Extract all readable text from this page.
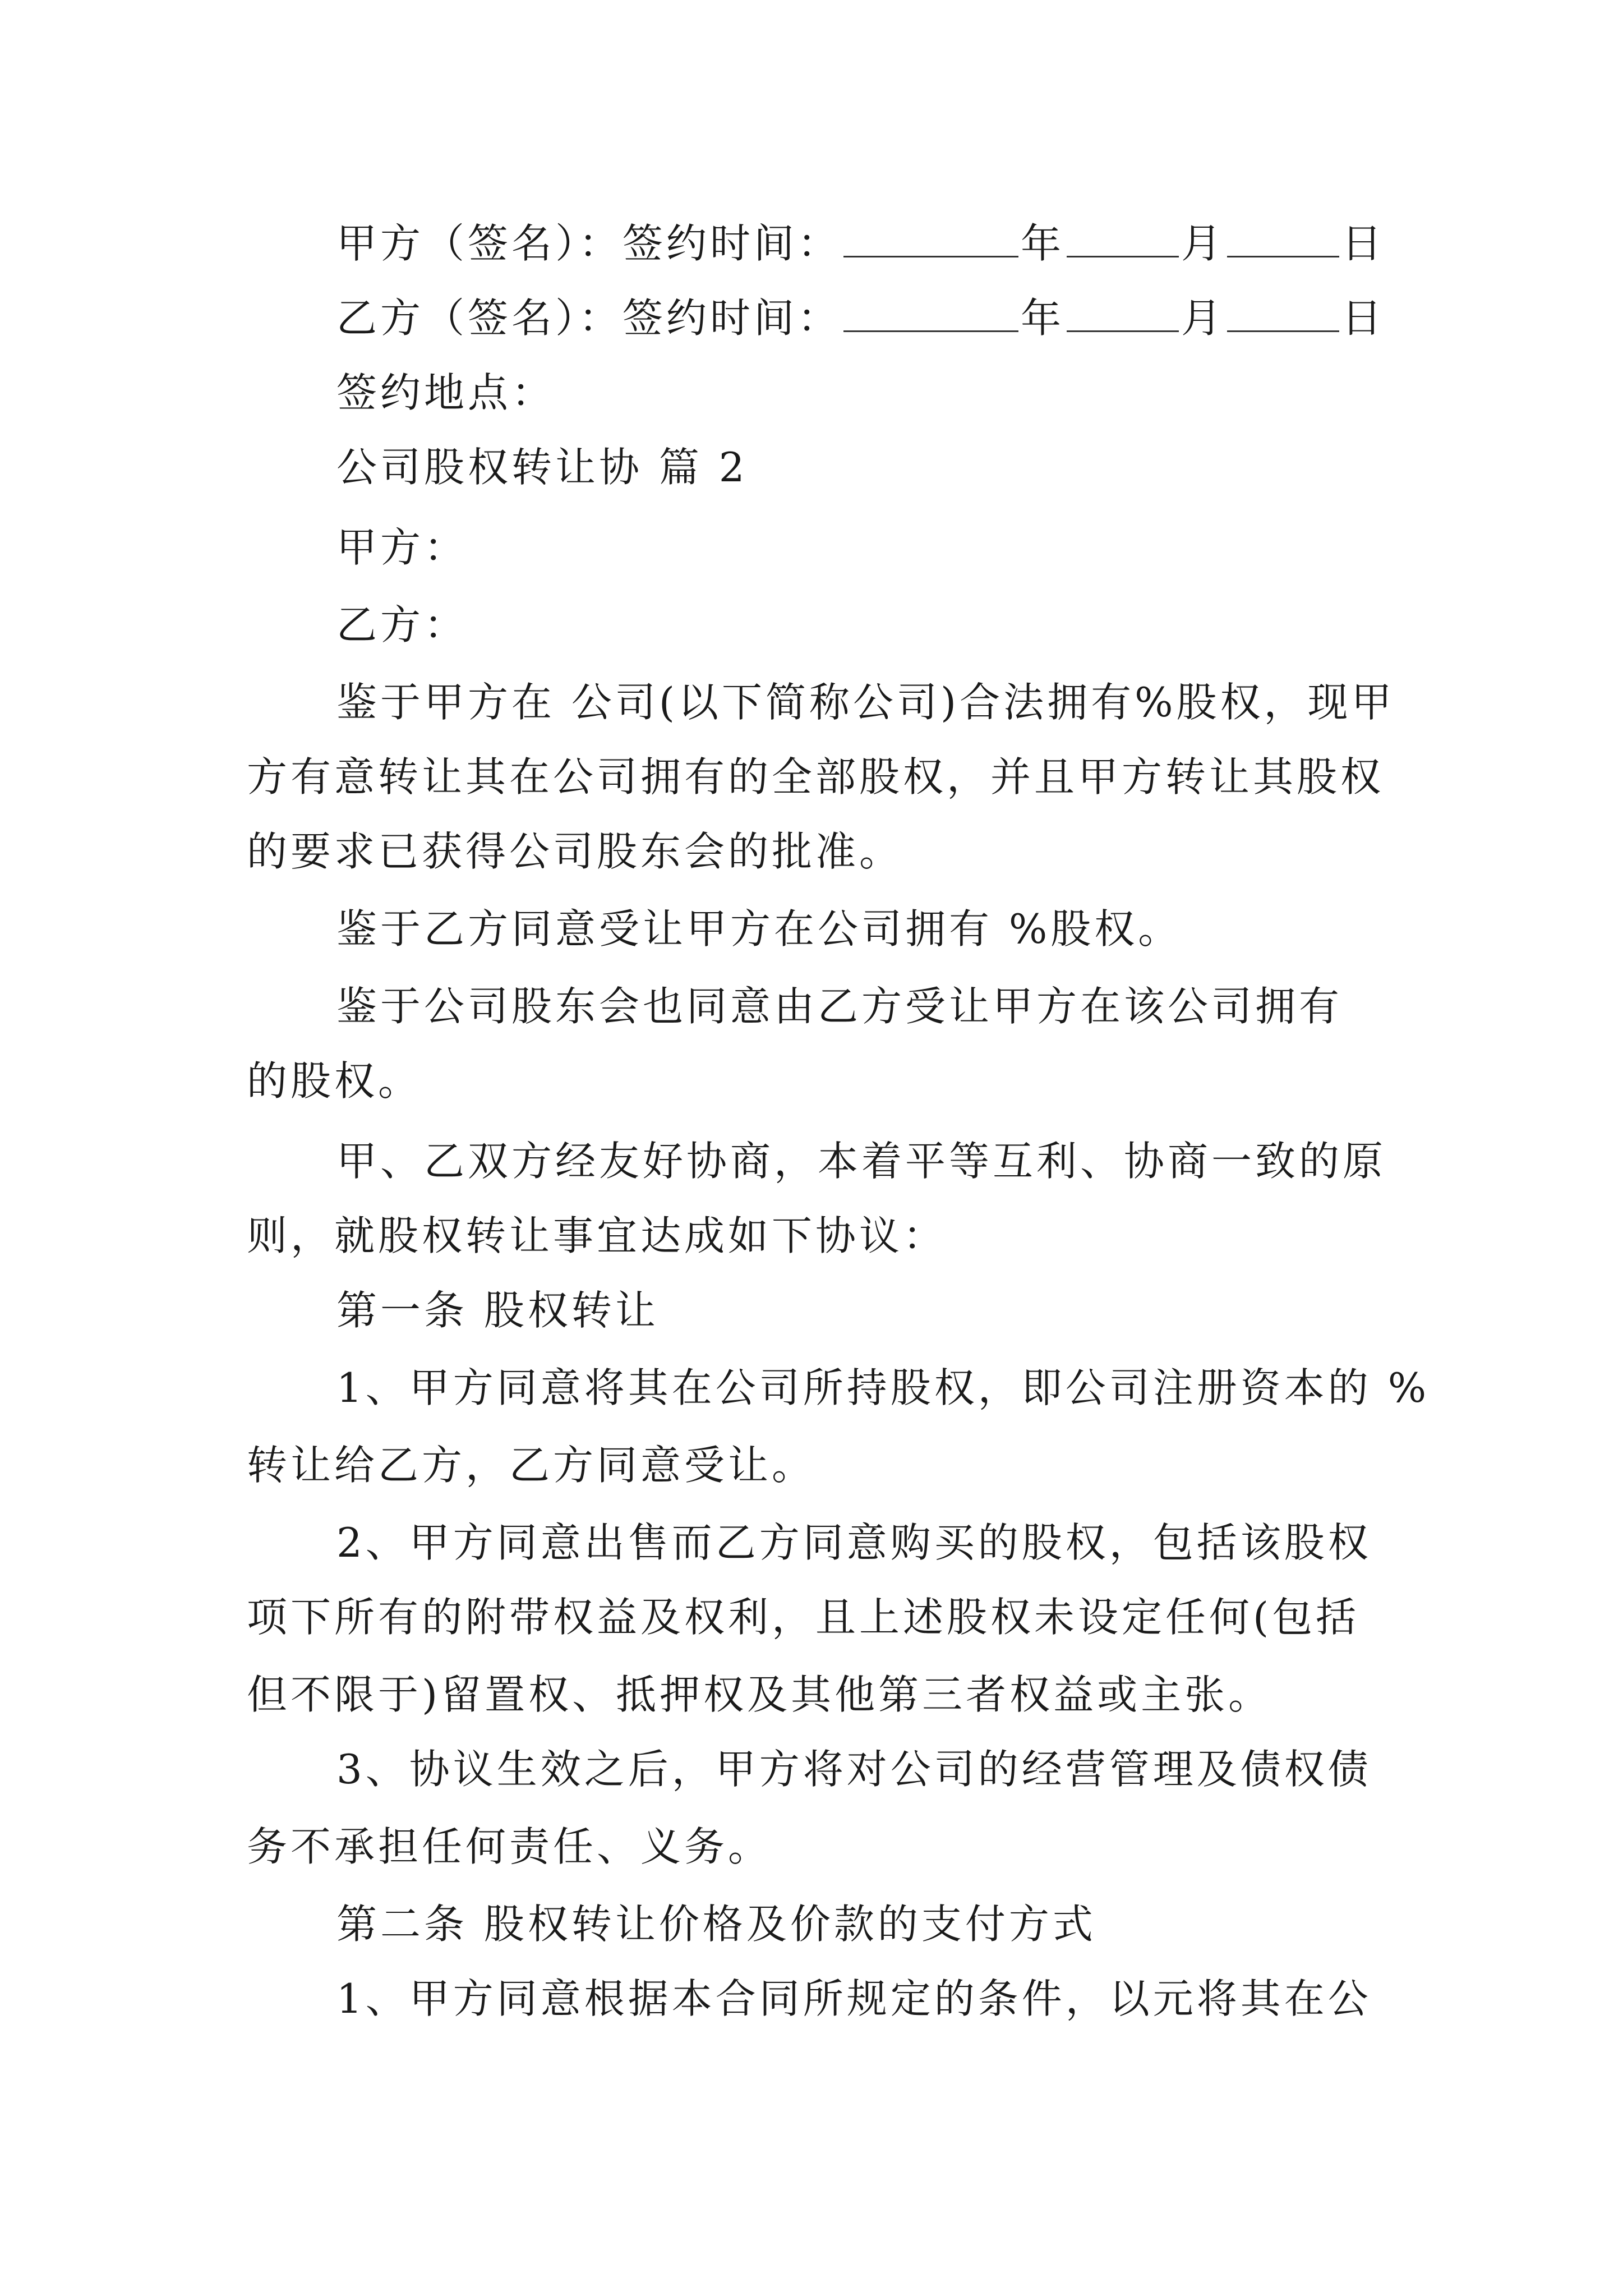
甲方（签名）：签约时间：	年	月	日
乙方（签名）：签约时间：	年	月	日
签约地点：
公司股权转让协 篇 2
甲方：
乙方：
鉴于甲方在 公司(以下简称公司)合法拥有%股权，现甲
方有意转让其在公司拥有的全部股权，并且甲方转让其股权
的要求已获得公司股东会的批准。
鉴于乙方同意受让甲方在公司拥有 %股权。
鉴于公司股东会也同意由乙方受让甲方在该公司拥有
的股权。
甲、乙双方经友好协商，本着平等互利、协商一致的原
则，就股权转让事宜达成如下协议：
第一条 股权转让
1、甲方同意将其在公司所持股权，即公司注册资本的 %
转让给乙方，乙方同意受让。
2、甲方同意出售而乙方同意购买的股权，包括该股权
项下所有的附带权益及权利，且上述股权未设定任何(包括
但不限于)留置权、抵押权及其他第三者权益或主张。
3、协议生效之后，甲方将对公司的经营管理及债权债
务不承担任何责任、义务。
第二条 股权转让价格及价款的支付方式
1、甲方同意根据本合同所规定的条件，以元将其在公
